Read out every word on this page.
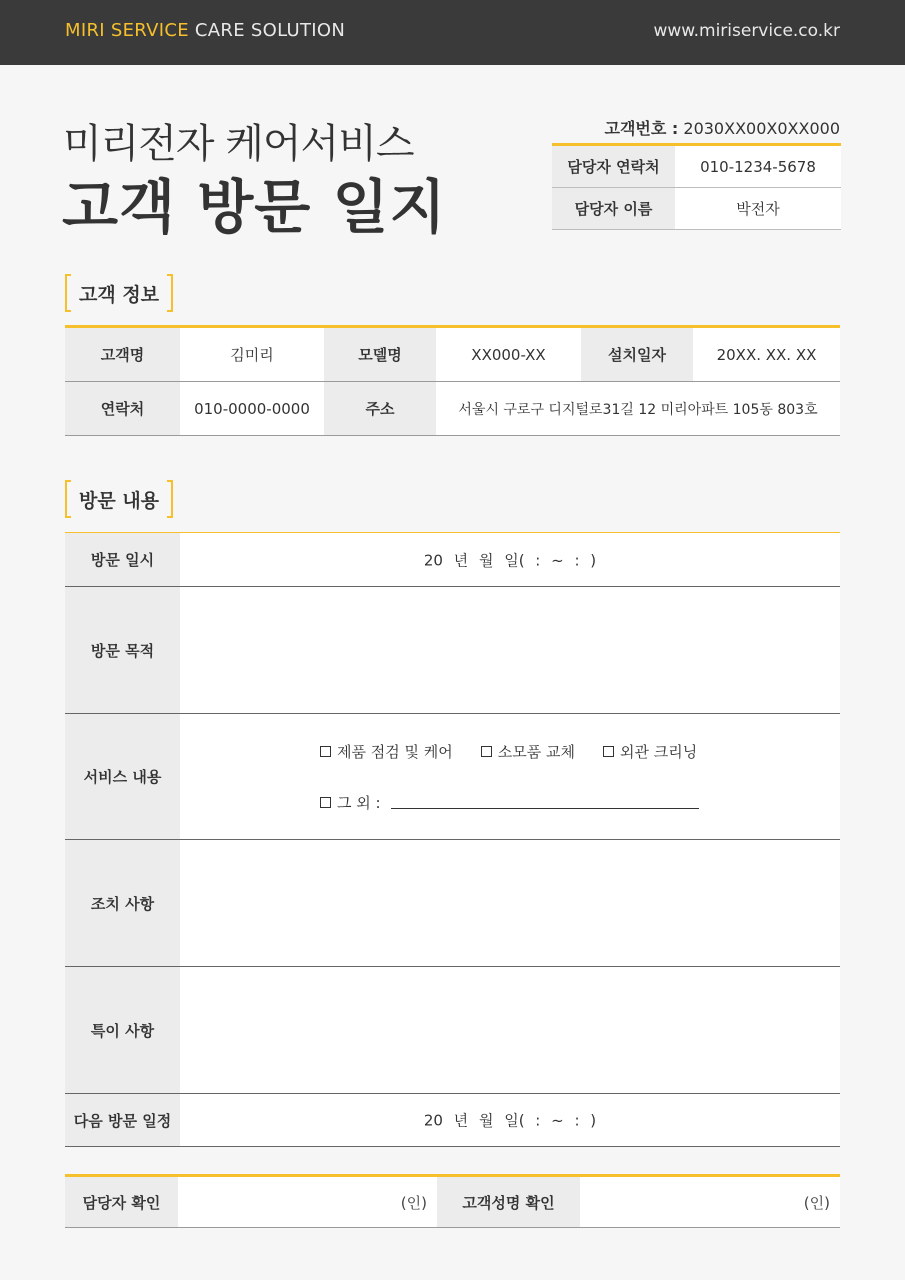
MIRI SERVICE CARE SOLUTION	www.miriservice.co.kr
미리전자 케어서비스
고객 방문 일지
고객번호 : 2030XX00X0XX000
담당자 연락처	010-1234-5678
담당자 이름	박전자
고객 정보
고객명	김미리	모델명	XX000-XX	설치일자	20XX. XX. XX
연락처	010-0000-0000	주소	서울시 구로구 디지털로31길 12 미리아파트 105동 803호
방문 내용
방문 일시	20 년 월 일( : ~ : )
방문 목적
서비스 내용
제품 점검 및 케어	소모품 교체	외관 크리닝
그 외 :
조치 사항
특이 사항
다음 방문 일정	20 년 월 일( : ~ : )
담당자 확인	(인)	고객성명 확인	(인)
